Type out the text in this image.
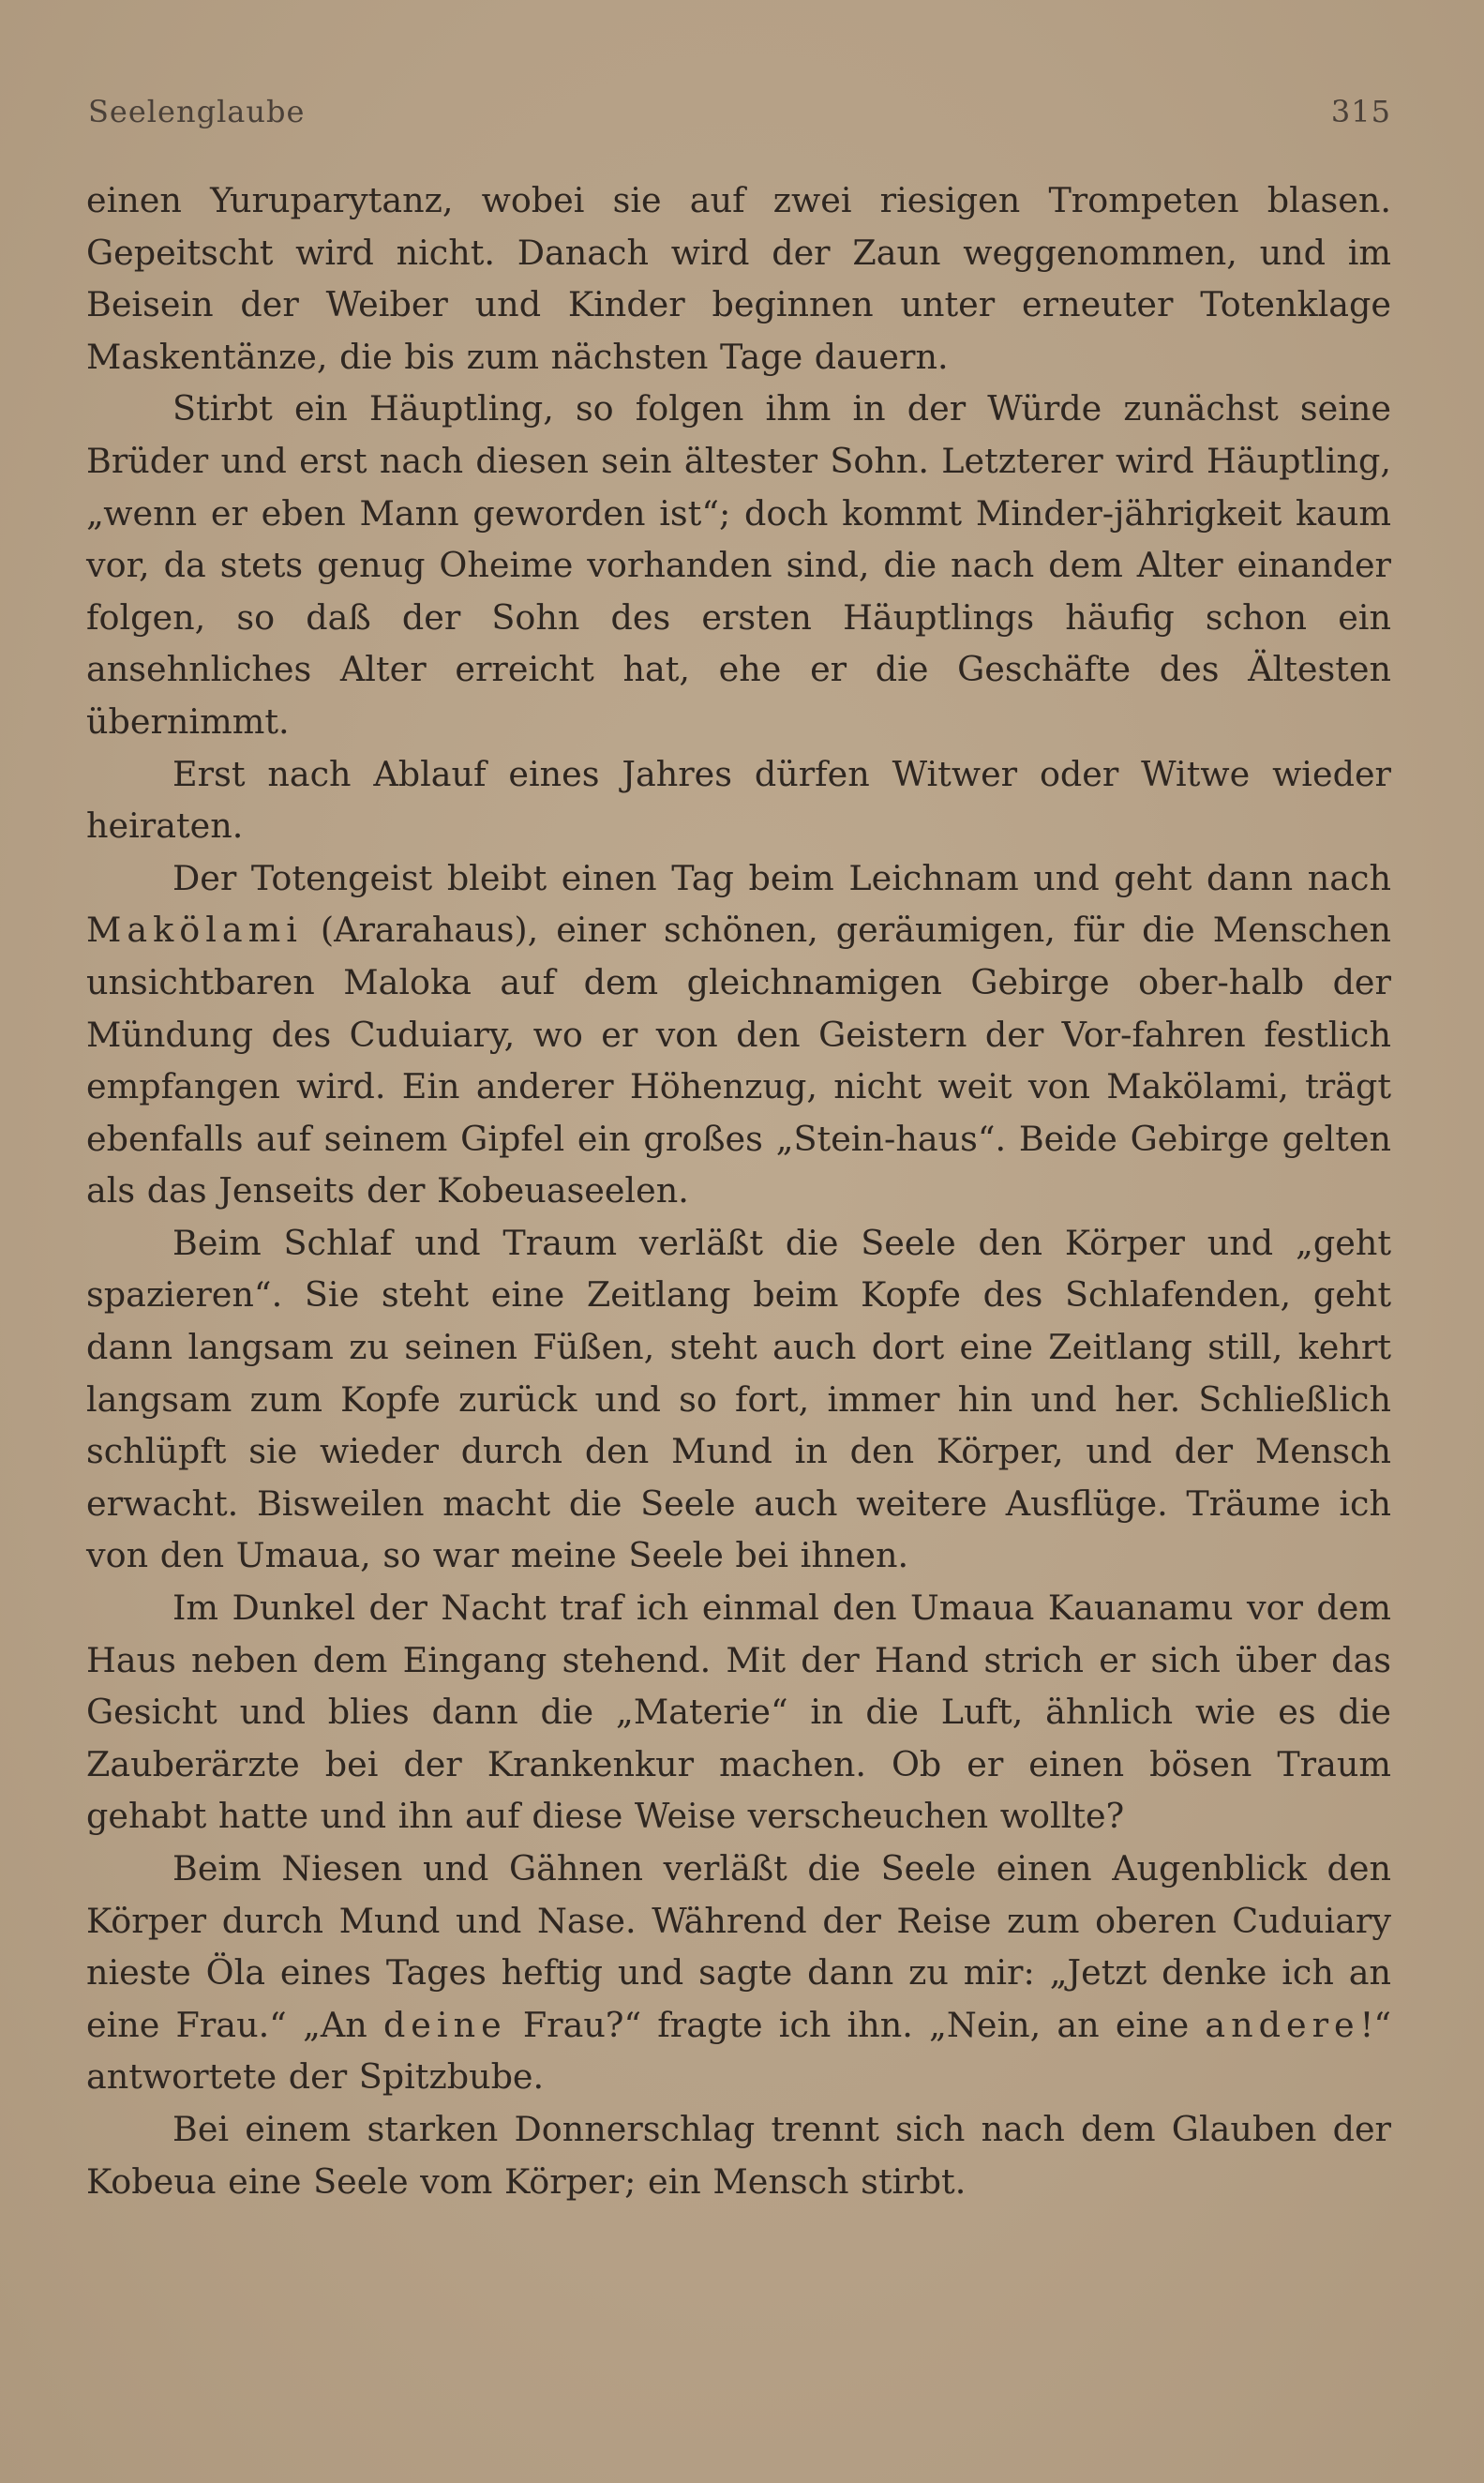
Seelenglaube	315

einen Yuruparytanz, wobei sie auf zwei riesigen Trompeten blasen. Gepeitscht wird nicht. Danach wird der Zaun weggenommen, und im Beisein der Weiber und Kinder beginnen unter erneuter Totenklage Maskentänze, die bis zum nächsten Tage dauern.

Stirbt ein Häuptling, so folgen ihm in der Würde zunächst seine Brüder und erst nach diesen sein ältester Sohn. Letzterer wird Häuptling, „wenn er eben Mann geworden ist“; doch kommt Minder-jährigkeit kaum vor, da stets genug Oheime vorhanden sind, die nach dem Alter einander folgen, so daß der Sohn des ersten Häuptlings häufig schon ein ansehnliches Alter erreicht hat, ehe er die Geschäfte des Ältesten übernimmt.

Erst nach Ablauf eines Jahres dürfen Witwer oder Witwe wieder heiraten.

Der Totengeist bleibt einen Tag beim Leichnam und geht dann nach Makölami (Ararahaus), einer schönen, geräumigen, für die Menschen unsichtbaren Maloka auf dem gleichnamigen Gebirge ober-halb der Mündung des Cuduiary, wo er von den Geistern der Vor-fahren festlich empfangen wird. Ein anderer Höhenzug, nicht weit von Makölami, trägt ebenfalls auf seinem Gipfel ein großes „Stein-haus“. Beide Gebirge gelten als das Jenseits der Kobeuaseelen.

Beim Schlaf und Traum verläßt die Seele den Körper und „geht spazieren“. Sie steht eine Zeitlang beim Kopfe des Schlafenden, geht dann langsam zu seinen Füßen, steht auch dort eine Zeitlang still, kehrt langsam zum Kopfe zurück und so fort, immer hin und her. Schließlich schlüpft sie wieder durch den Mund in den Körper, und der Mensch erwacht. Bisweilen macht die Seele auch weitere Ausflüge. Träume ich von den Umaua, so war meine Seele bei ihnen.

Im Dunkel der Nacht traf ich einmal den Umaua Kauanamu vor dem Haus neben dem Eingang stehend. Mit der Hand strich er sich über das Gesicht und blies dann die „Materie“ in die Luft, ähnlich wie es die Zauberärzte bei der Krankenkur machen. Ob er einen bösen Traum gehabt hatte und ihn auf diese Weise verscheuchen wollte?

Beim Niesen und Gähnen verläßt die Seele einen Augenblick den Körper durch Mund und Nase. Während der Reise zum oberen Cuduiary nieste Öla eines Tages heftig und sagte dann zu mir: „Jetzt denke ich an eine Frau.“ „An deine Frau?“ fragte ich ihn. „Nein, an eine andere!“ antwortete der Spitzbube.

Bei einem starken Donnerschlag trennt sich nach dem Glauben der Kobeua eine Seele vom Körper; ein Mensch stirbt.
